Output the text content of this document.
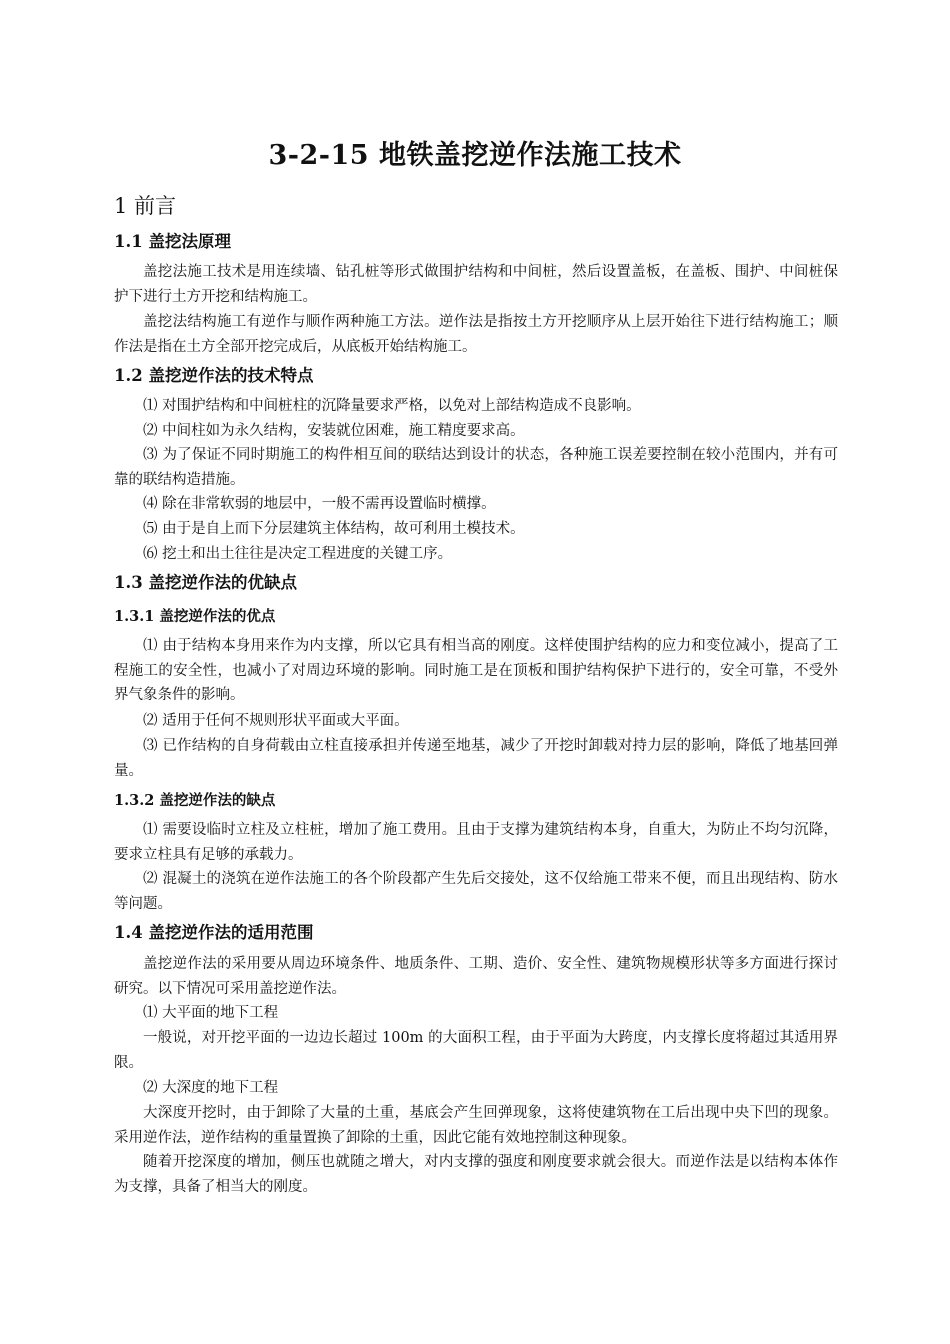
3-2-15 地铁盖挖逆作法施工技术
1 前言
1.1 盖挖法原理
盖挖法施工技术是用连续墙、钻孔桩等形式做围护结构和中间桩，然后设置盖板，在盖板、围护、中间桩保护下进行土方开挖和结构施工。
盖挖法结构施工有逆作与顺作两种施工方法。逆作法是指按土方开挖顺序从上层开始往下进行结构施工；顺作法是指在土方全部开挖完成后，从底板开始结构施工。
1.2 盖挖逆作法的技术特点
⑴ 对围护结构和中间桩柱的沉降量要求严格，以免对上部结构造成不良影响。
⑵ 中间柱如为永久结构，安装就位困难，施工精度要求高。
⑶ 为了保证不同时期施工的构件相互间的联结达到设计的状态，各种施工误差要控制在较小范围内，并有可靠的联结构造措施。
⑷ 除在非常软弱的地层中，一般不需再设置临时横撑。
⑸ 由于是自上而下分层建筑主体结构，故可利用土模技术。
⑹ 挖土和出土往往是决定工程进度的关键工序。
1.3 盖挖逆作法的优缺点
1.3.1 盖挖逆作法的优点
⑴ 由于结构本身用来作为内支撑，所以它具有相当高的刚度。这样使围护结构的应力和变位减小，提高了工程施工的安全性，也减小了对周边环境的影响。同时施工是在顶板和围护结构保护下进行的，安全可靠，不受外界气象条件的影响。
⑵ 适用于任何不规则形状平面或大平面。
⑶ 已作结构的自身荷载由立柱直接承担并传递至地基，减少了开挖时卸载对持力层的影响，降低了地基回弹量。
1.3.2 盖挖逆作法的缺点
⑴ 需要设临时立柱及立柱桩，增加了施工费用。且由于支撑为建筑结构本身，自重大，为防止不均匀沉降，要求立柱具有足够的承载力。
⑵ 混凝土的浇筑在逆作法施工的各个阶段都产生先后交接处，这不仅给施工带来不便，而且出现结构、防水等问题。
1.4 盖挖逆作法的适用范围
盖挖逆作法的采用要从周边环境条件、地质条件、工期、造价、安全性、建筑物规模形状等多方面进行探讨研究。以下情况可采用盖挖逆作法。
⑴ 大平面的地下工程
一般说，对开挖平面的一边边长超过 100m 的大面积工程，由于平面为大跨度，内支撑长度将超过其适用界限。
⑵ 大深度的地下工程
大深度开挖时，由于卸除了大量的土重，基底会产生回弹现象，这将使建筑物在工后出现中央下凹的现象。采用逆作法，逆作结构的重量置换了卸除的土重，因此它能有效地控制这种现象。
随着开挖深度的增加，侧压也就随之增大，对内支撑的强度和刚度要求就会很大。而逆作法是以结构本体作为支撑，具备了相当大的刚度。
